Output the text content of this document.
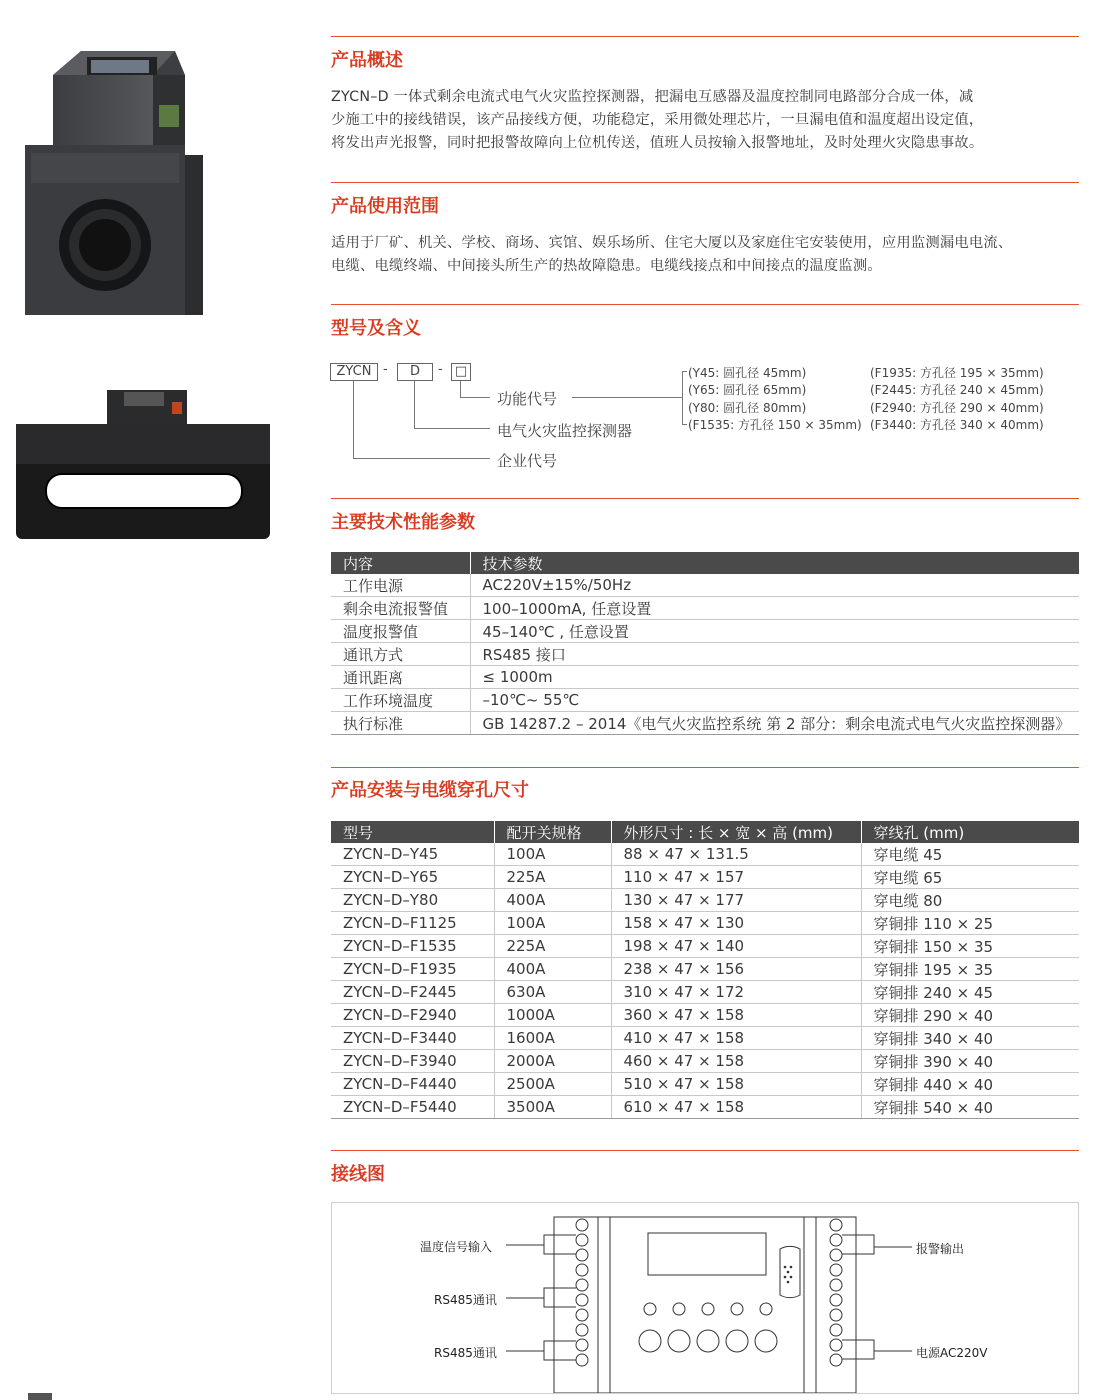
产品概述
ZYCN–D 一体式剩余电流式电气火灾监控探测器，把漏电互感器及温度控制同电路部分合成一体，减
少施工中的接线错误，该产品接线方便，功能稳定，采用微处理芯片，一旦漏电值和温度超出设定值，
将发出声光报警，同时把报警故障向上位机传送，值班人员按输入报警地址，及时处理火灾隐患事故。
产品使用范围
适用于厂矿、机关、学校、商场、宾馆、娱乐场所、住宅大厦以及家庭住宅安装使用，应用监测漏电电流、
电缆、电缆终端、中间接头所生产的热故障隐患。电缆线接点和中间接点的温度监测。
型号及含义
ZYCN -	D	- □
功能代号
电气火灾监控探测器
企业代号
(Y45: 圆孔径 45mm)
(Y65: 圆孔径 65mm)
(Y80: 圆孔径 80mm)
(F1535: 方孔径 150 × 35mm)
(F1935: 方孔径 195 × 35mm)
(F2445: 方孔径 240 × 45mm)
(F2940: 方孔径 290 × 40mm)
(F3440: 方孔径 340 × 40mm)
主要技术性能参数
内容	技术参数
工作电源	AC220V±15%/50Hz
剩余电流报警值	100–1000mA, 任意设置
温度报警值	45–140℃ , 任意设置
通讯方式	RS485 接口
通讯距离	≤ 1000m
工作环境温度	–10℃~ 55℃
执行标准	GB 14287.2 – 2014《电气火灾监控系统 第 2 部分：剩余电流式电气火灾监控探测器》
产品安装与电缆穿孔尺寸
型号	配开关规格	外形尺寸 : 长 × 宽 × 高 (mm)	穿线孔 (mm)
ZYCN–D–Y45	100A	88 × 47 × 131.5	穿电缆 45
ZYCN–D–Y65	225A	110 × 47 × 157	穿电缆 65
ZYCN–D–Y80	400A	130 × 47 × 177	穿电缆 80
ZYCN–D–F1125	100A	158 × 47 × 130	穿铜排 110 × 25
ZYCN–D–F1535	225A	198 × 47 × 140	穿铜排 150 × 35
ZYCN–D–F1935	400A	238 × 47 × 156	穿铜排 195 × 35
ZYCN–D–F2445	630A	310 × 47 × 172	穿铜排 240 × 45
ZYCN–D–F2940	1000A	360 × 47 × 158	穿铜排 290 × 40
ZYCN–D–F3440	1600A	410 × 47 × 158	穿铜排 340 × 40
ZYCN–D–F3940	2000A	460 × 47 × 158	穿铜排 390 × 40
ZYCN–D–F4440	2500A	510 × 47 × 158	穿铜排 440 × 40
ZYCN–D–F5440	3500A	610 × 47 × 158	穿铜排 540 × 40
接线图
温度信号输入
RS485通讯
RS485通讯
报警输出
电源AC220V
